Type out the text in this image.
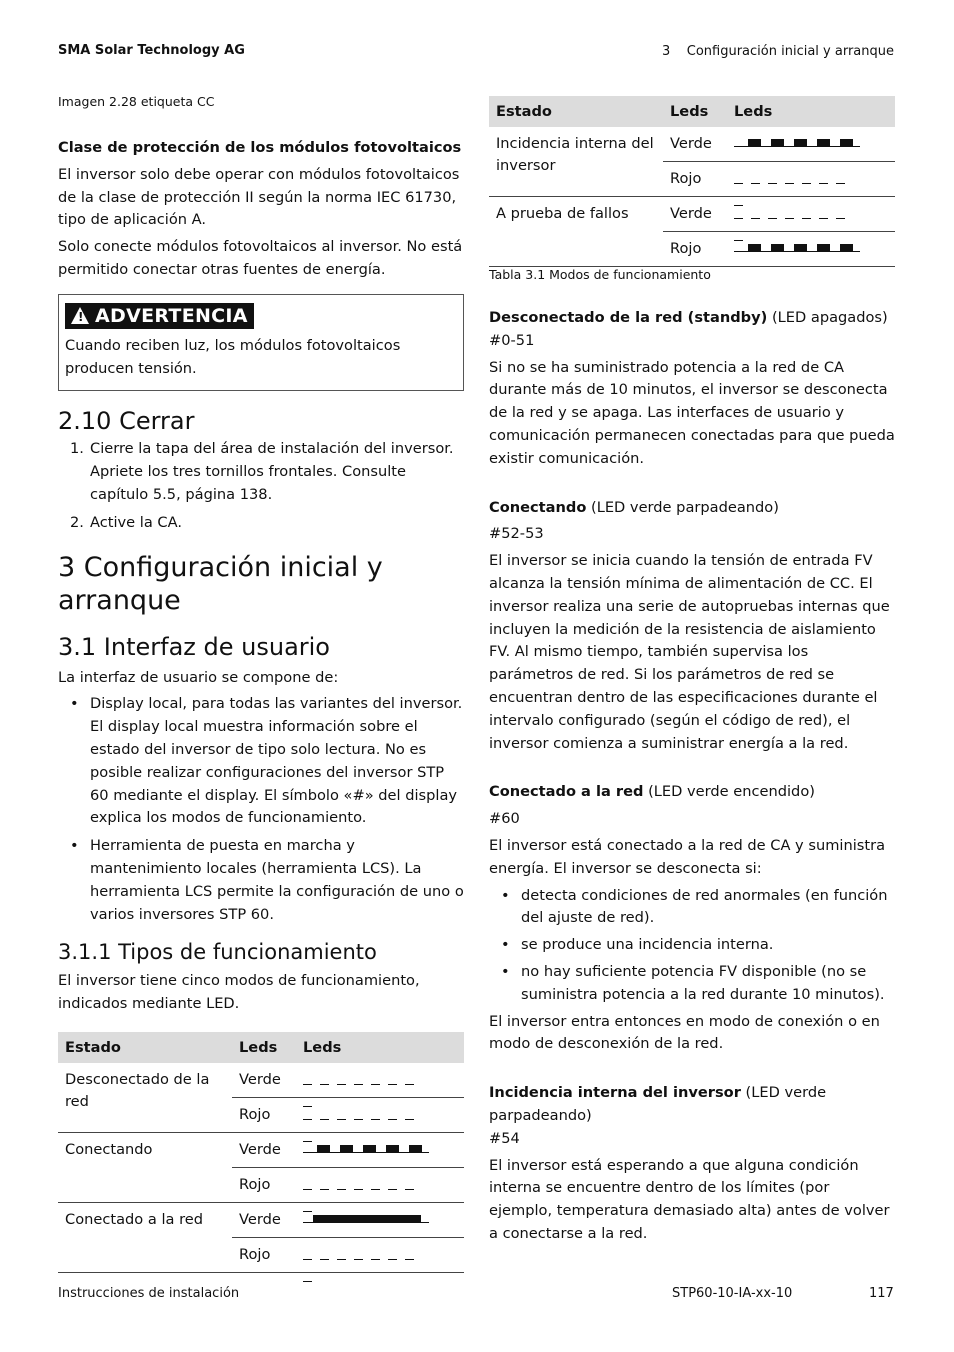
SMA Solar Technology AG	3 Configuración inicial y arranque
Imagen 2.28 etiqueta CC
Clase de protección de los módulos fotovoltaicos

El inversor solo debe operar con módulos fotovoltaicos de la clase de protección II según la norma IEC 61730, tipo de aplicación A.

Solo conecte módulos fotovoltaicos al inversor. No está permitido conectar otras fuentes de energía.

! ADVERTENCIA

Cuando reciben luz, los módulos fotovoltaicos producen tensión.

2.10 Cerrar
1. Cierre la tapa del área de instalación del inversor. Apriete los tres tornillos frontales. Consulte capítulo 5.5, página 138.
2. Active la CA.
3 Configuración inicial y arranque
3.1 Interfaz de usuario

La interfaz de usuario se compone de:

• Display local, para todas las variantes del inversor. El display local muestra información sobre el estado del inversor de tipo solo lectura. No es posible realizar configuraciones del inversor STP 60 mediante el display. El símbolo «#» del display explica los modos de funcionamiento.
• Herramienta de puesta en marcha y mantenimiento locales (herramienta LCS). La herramienta LCS permite la configuración de uno o varios inversores STP 60.
3.1.1 Tipos de funcionamiento

El inversor tiene cinco modos de funcionamiento, indicados mediante LED.

Estado	Leds	Leds
Desconectado de la red	Verde	

	Rojo	

Conectando	Verde	

	Rojo	

Conectado a la red	Verde	

	Rojo	
Estado	Leds	Leds
Incidencia interna del inversor	Verde	

	Rojo	

A prueba de fallos	Verde	

	Rojo	
Tabla 3.1 Modos de funcionamiento

Desconectado de la red (standby) (LED apagados)

#0-51

Si no se ha suministrado potencia a la red de CA durante más de 10 minutos, el inversor se desconecta de la red y se apaga. Las interfaces de usuario y comunicación permanecen conectadas para que pueda existir comunicación.

Conectando (LED verde parpadeando)

#52-53

El inversor se inicia cuando la tensión de entrada FV alcanza la tensión mínima de alimentación de CC. El inversor realiza una serie de autopruebas internas que incluyen la medición de la resistencia de aislamiento FV. Al mismo tiempo, también supervisa los parámetros de red. Si los parámetros de red se encuentran dentro de las especificaciones durante el intervalo configurado (según el código de red), el inversor comienza a suministrar energía a la red.

Conectado a la red (LED verde encendido)

#60

El inversor está conectado a la red de CA y suministra energía. El inversor se desconecta si:

• detecta condiciones de red anormales (en función del ajuste de red).
• se produce una incidencia interna.
• no hay suficiente potencia FV disponible (no se suministra potencia a la red durante 10 minutos).

El inversor entra entonces en modo de conexión o en modo de desconexión de la red.

Incidencia interna del inversor (LED verde parpadeando)

#54

El inversor está esperando a que alguna condición interna se encuentre dentro de los límites (por ejemplo, temperatura demasiado alta) antes de volver a conectarse a la red.

Instrucciones de instalación	STP60-10-IA-xx-10	117
